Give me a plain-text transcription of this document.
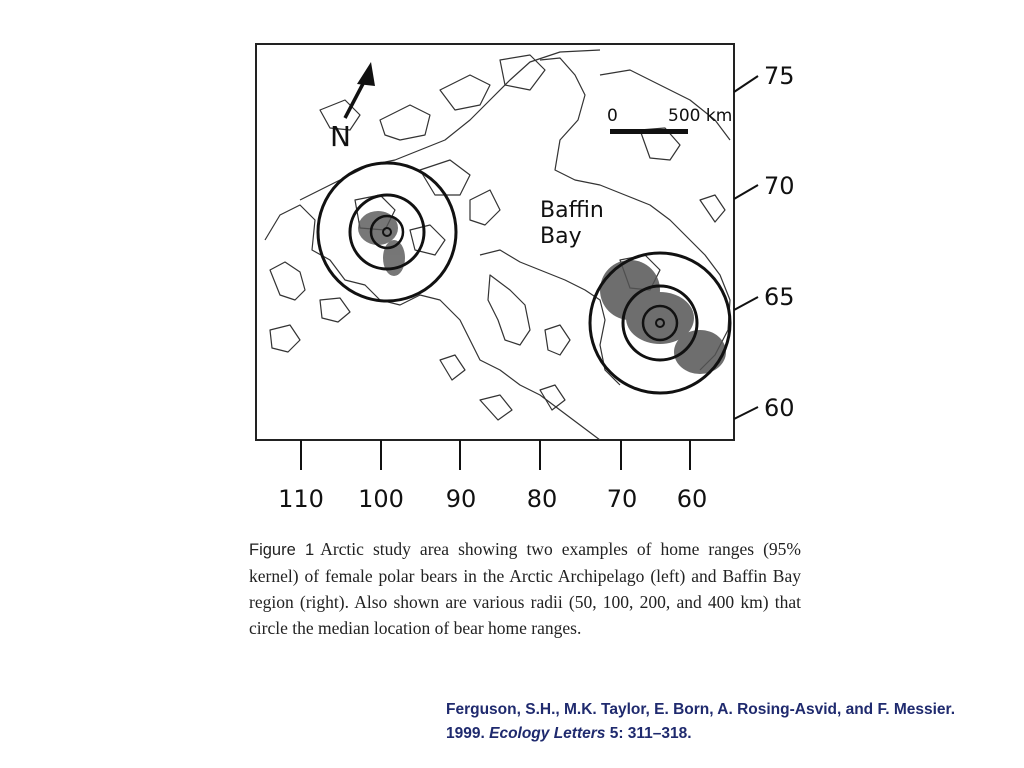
N
0	500 km
Baffin
Bay
75
70
65
60
110 100 90 80 70 60
Figure 1 Arctic study area showing two examples of home ranges (95% kernel) of female polar bears in the Arctic Archipelago (left) and Baffin Bay region (right). Also shown are various radii (50, 100, 200, and 400 km) that circle the median location of bear home ranges.
Ferguson, S.H., M.K. Taylor, E. Born, A. Rosing-Asvid, and F. Messier.
1999. Ecology Letters 5: 311–318.
